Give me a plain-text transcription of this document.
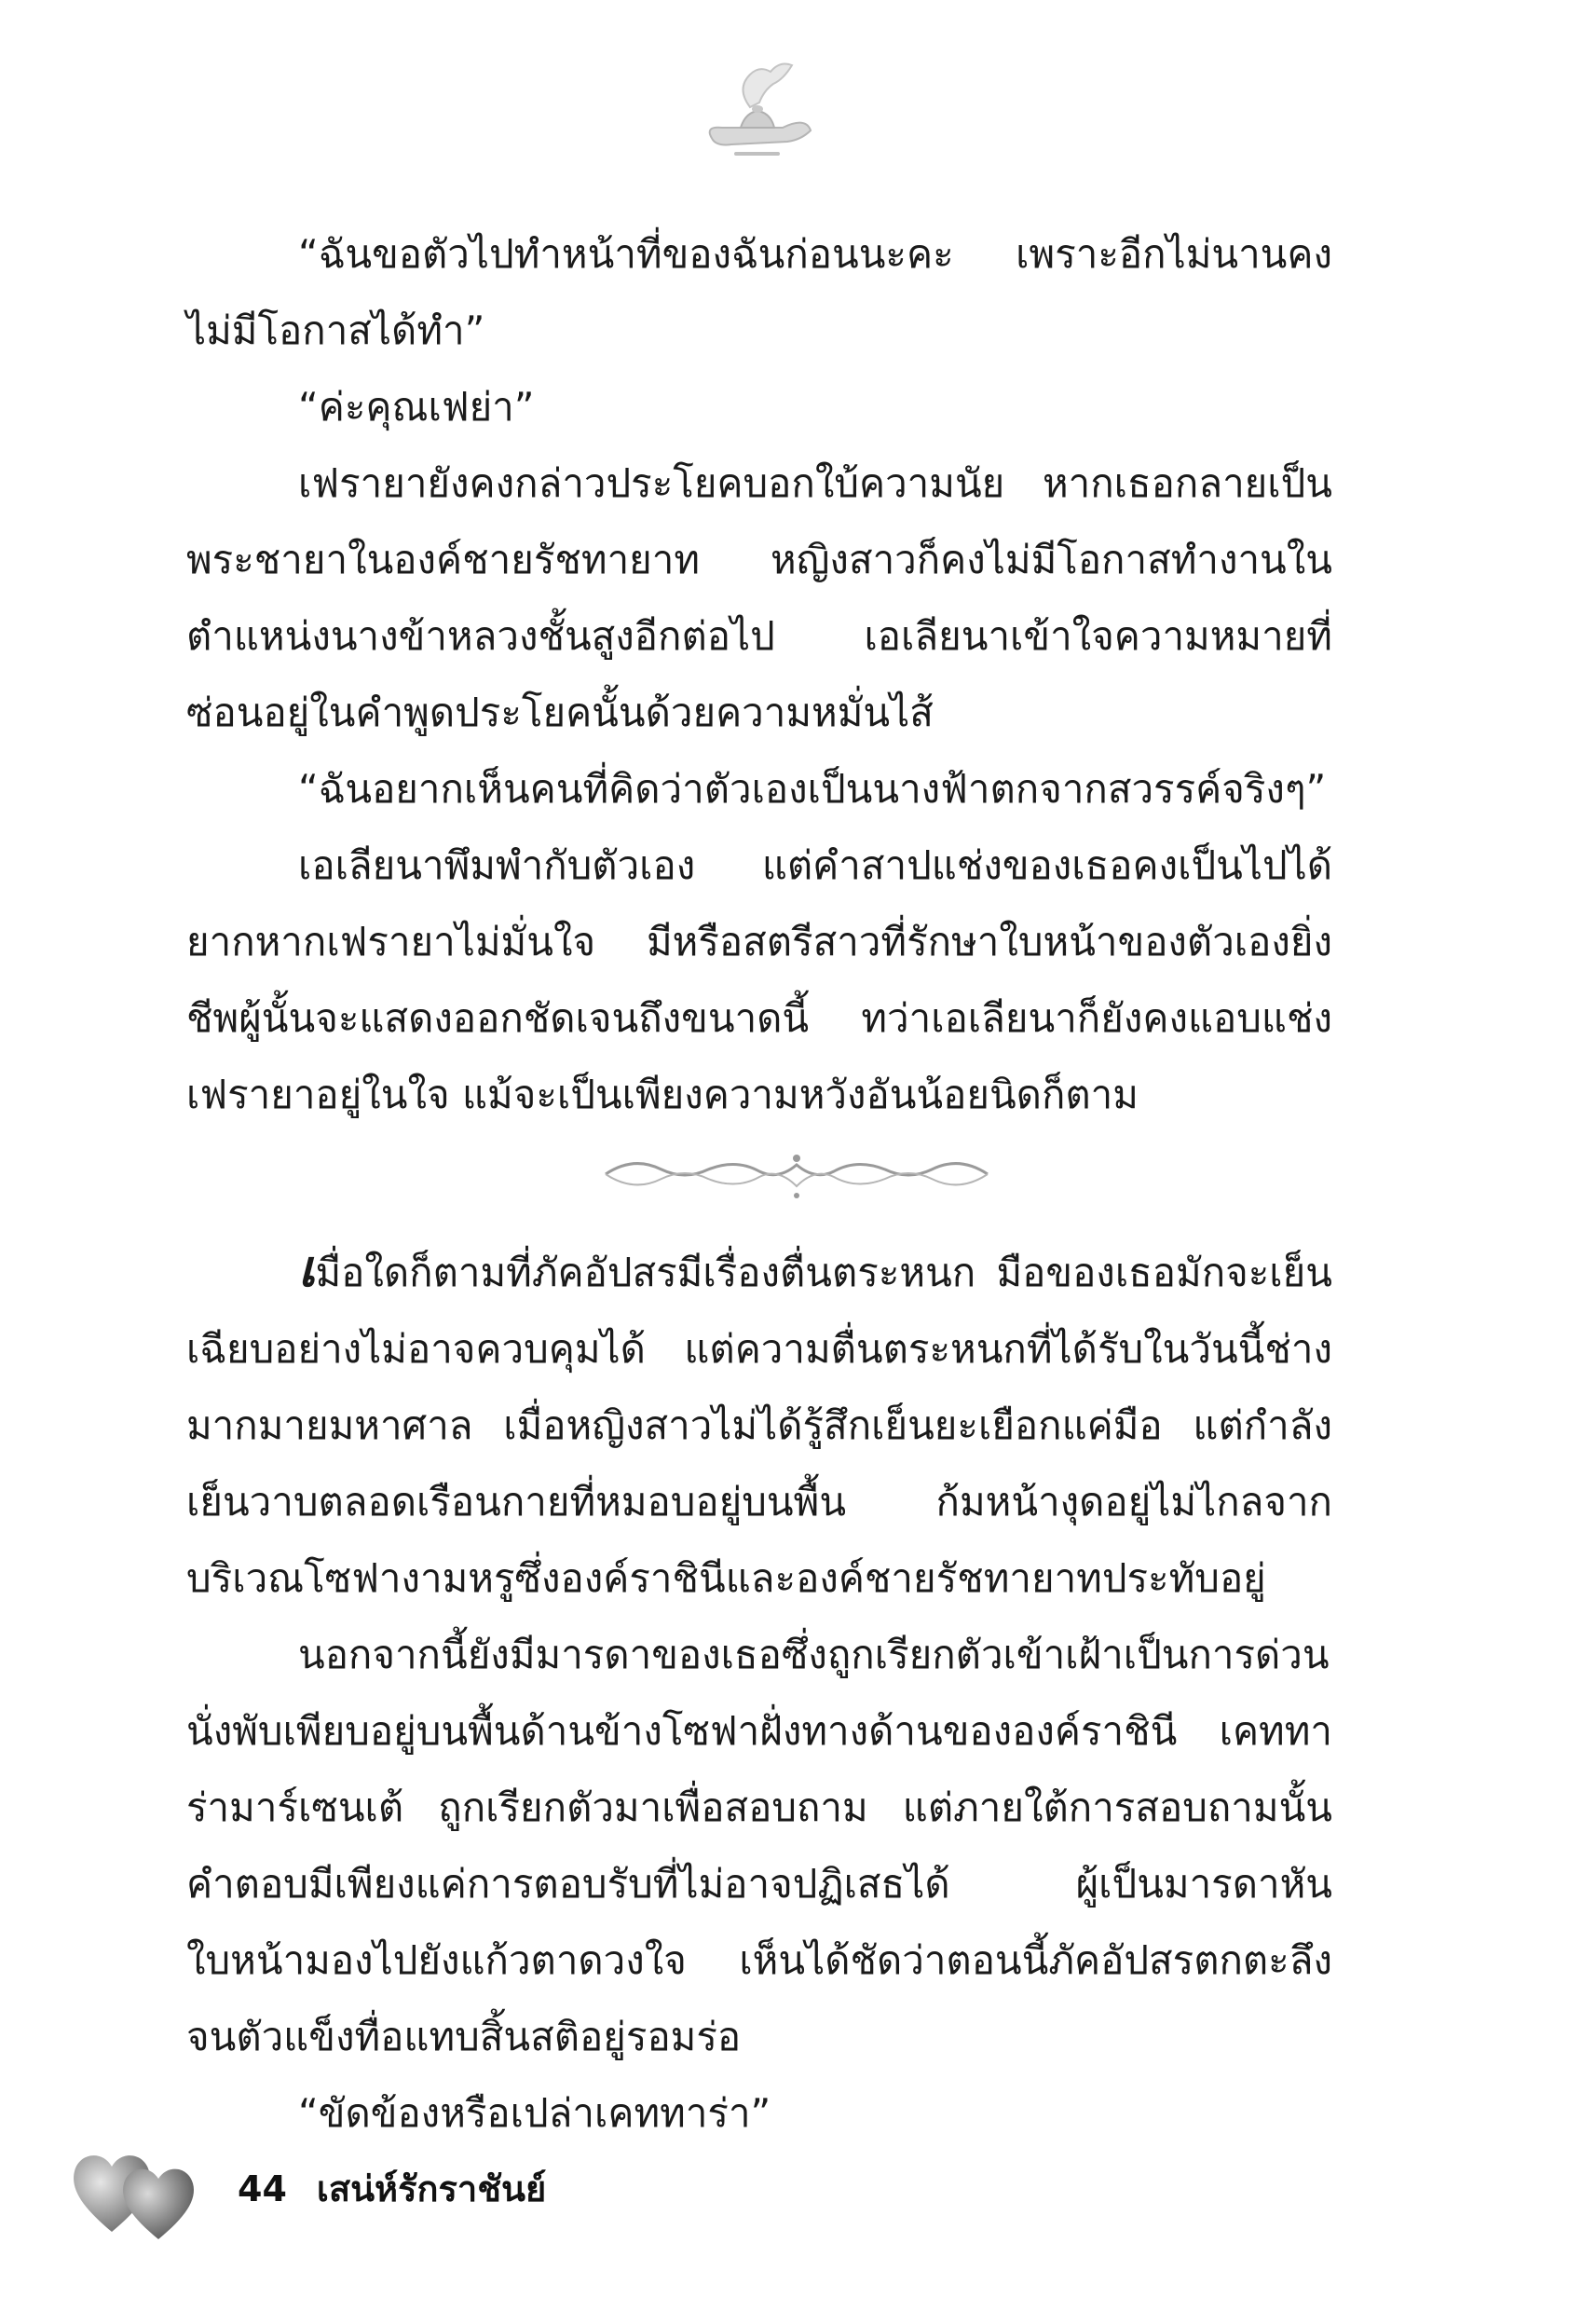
“ฉันขอตัวไปทำหน้าที่ของฉันก่อนนะคะ เพราะอีกไม่นานคงไม่มีโอกาสได้ทำ”

“ค่ะคุณเฟย่า”

เฟรายายังคงกล่าวประโยคบอกใบ้ความนัย หากเธอกลายเป็นพระชายาในองค์ชายรัชทายาท หญิงสาวก็คงไม่มีโอกาสทำงานในตำแหน่งนางข้าหลวงชั้นสูงอีกต่อไป เอเลียนาเข้าใจความหมายที่ซ่อนอยู่ในคำพูดประโยคนั้นด้วยความหมั่นไส้

“ฉันอยากเห็นคนที่คิดว่าตัวเองเป็นนางฟ้าตกจากสวรรค์จริงๆ”

เอเลียนาพึมพำกับตัวเอง แต่คำสาปแช่งของเธอคงเป็นไปได้ยากหากเฟรายาไม่มั่นใจ มีหรือสตรีสาวที่รักษาใบหน้าของตัวเองยิ่งชีพผู้นั้นจะแสดงออกชัดเจนถึงขนาดนี้ ทว่าเอเลียนาก็ยังคงแอบแช่งเฟรายาอยู่ในใจ แม้จะเป็นเพียงความหวังอันน้อยนิดก็ตาม

เมื่อใดก็ตามที่ภัคอัปสรมีเรื่องตื่นตระหนก มือของเธอมักจะเย็นเฉียบอย่างไม่อาจควบคุมได้ แต่ความตื่นตระหนกที่ได้รับในวันนี้ช่างมากมายมหาศาล เมื่อหญิงสาวไม่ได้รู้สึกเย็นยะเยือกแค่มือ แต่กำลังเย็นวาบตลอดเรือนกายที่หมอบอยู่บนพื้น ก้มหน้างุดอยู่ไม่ไกลจากบริเวณโซฟางามหรูซึ่งองค์ราชินีและองค์ชายรัชทายาทประทับอยู่

นอกจากนี้ยังมีมารดาของเธอซึ่งถูกเรียกตัวเข้าเฝ้าเป็นการด่วนนั่งพับเพียบอยู่บนพื้นด้านข้างโซฟาฝั่งทางด้านขององค์ราชินี เคททาร่ามาร์เซนเต้ ถูกเรียกตัวมาเพื่อสอบถาม แต่ภายใต้การสอบถามนั้นคำตอบมีเพียงแค่การตอบรับที่ไม่อาจปฏิเสธได้ ผู้เป็นมารดาหันใบหน้ามองไปยังแก้วตาดวงใจ เห็นได้ชัดว่าตอนนี้ภัคอัปสรตกตะลึงจนตัวแข็งทื่อแทบสิ้นสติอยู่รอมร่อ

“ขัดข้องหรือเปล่าเคททาร่า”

44 เสน่ห์รักราชันย์
